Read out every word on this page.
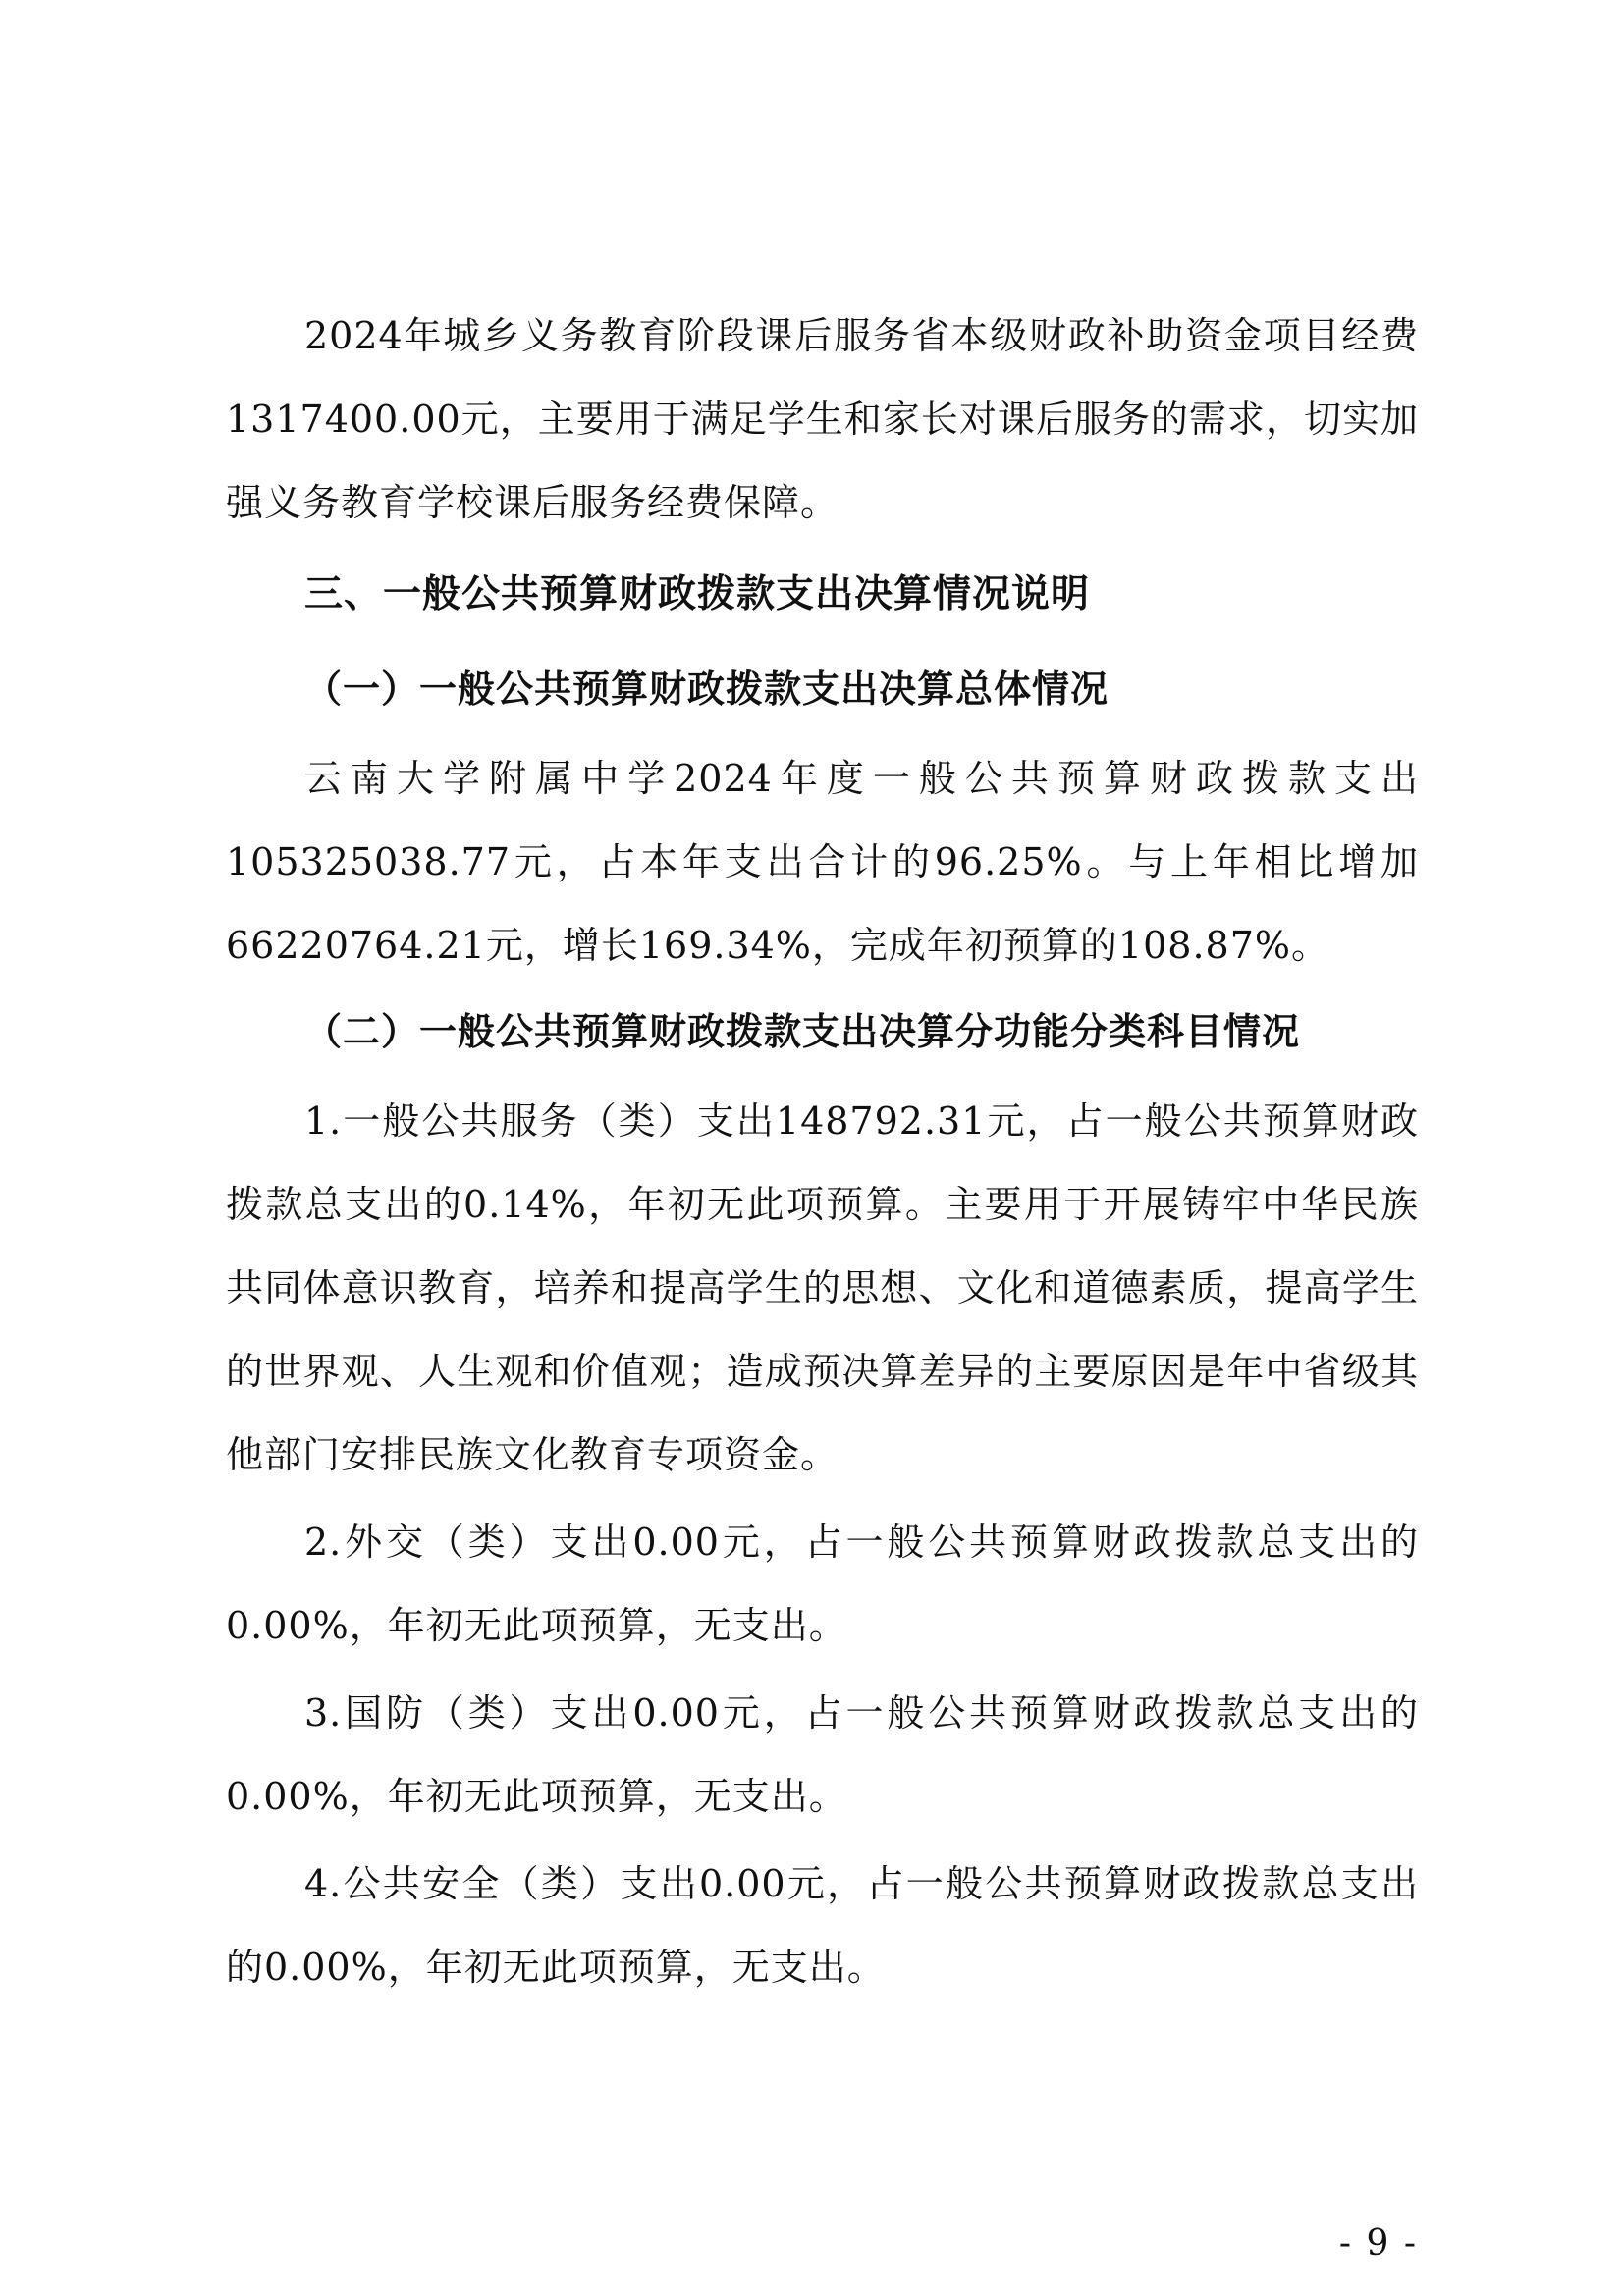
2024年城乡义务教育阶段课后服务省本级财政补助资金项目经费1317400.00元，主要用于满足学生和家长对课后服务的需求，切实加强义务教育学校课后服务经费保障。

三、一般公共预算财政拨款支出决算情况说明

（一）一般公共预算财政拨款支出决算总体情况

云南大学附属中学2024年度一般公共预算财政拨款支出105325038.77元，占本年支出合计的96.25%。与上年相比增加66220764.21元，增长169.34%，完成年初预算的108.87%。

（二）一般公共预算财政拨款支出决算分功能分类科目情况

1.一般公共服务（类）支出148792.31元，占一般公共预算财政拨款总支出的0.14%，年初无此项预算。主要用于开展铸牢中华民族共同体意识教育，培养和提高学生的思想、文化和道德素质，提高学生的世界观、人生观和价值观；造成预决算差异的主要原因是年中省级其他部门安排民族文化教育专项资金。

2.外交（类）支出0.00元，占一般公共预算财政拨款总支出的0.00%，年初无此项预算，无支出。

3.国防（类）支出0.00元，占一般公共预算财政拨款总支出的0.00%，年初无此项预算，无支出。

4.公共安全（类）支出0.00元，占一般公共预算财政拨款总支出的0.00%，年初无此项预算，无支出。

- 9 -
